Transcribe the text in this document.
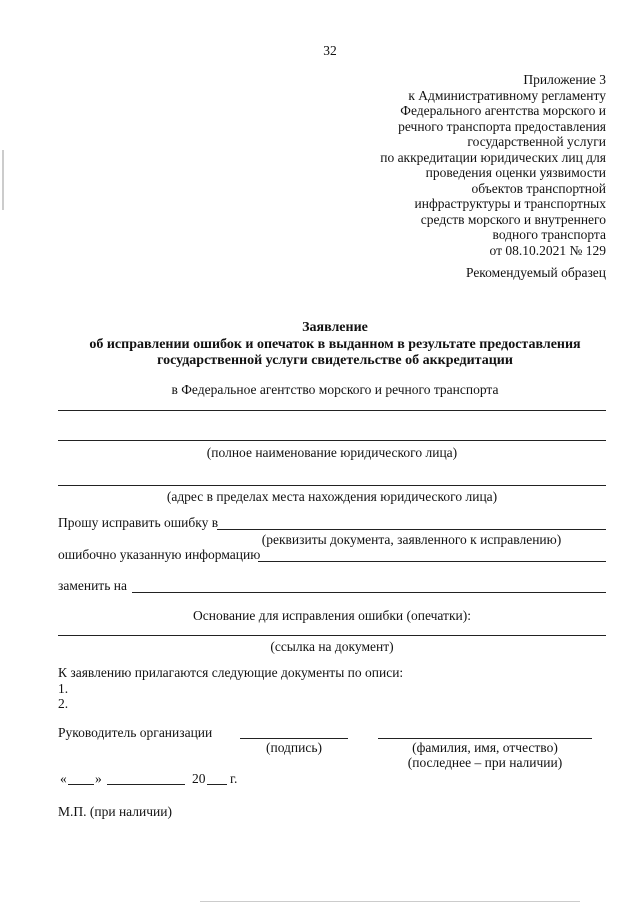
32
Приложение 3
к Административному регламенту
Федерального агентства морского и
речного транспорта предоставления
государственной услуги
по аккредитации юридических лиц для
проведения оценки уязвимости
объектов транспортной
инфраструктуры и транспортных
средств морского и внутреннего
водного транспорта
от 08.10.2021 № 129
Рекомендуемый образец
Заявление
об исправлении ошибок и опечаток в выданном в результате предоставления
государственной услуги свидетельстве об аккредитации
в Федеральное агентство морского и речного транспорта
(полное наименование юридического лица)
(адрес в пределах места нахождения юридического лица)
Прошу исправить ошибку в
(реквизиты документа, заявленного к исправлению)
ошибочно указанную информацию
заменить на
Основание для исправления ошибки (опечатки):
(ссылка на документ)
К заявлению прилагаются следующие документы по описи:
1.
2.
Руководитель организации
(подпись)	(фамилия, имя, отчество)
(последнее – при наличии)
« »	20 г.
М.П. (при наличии)
